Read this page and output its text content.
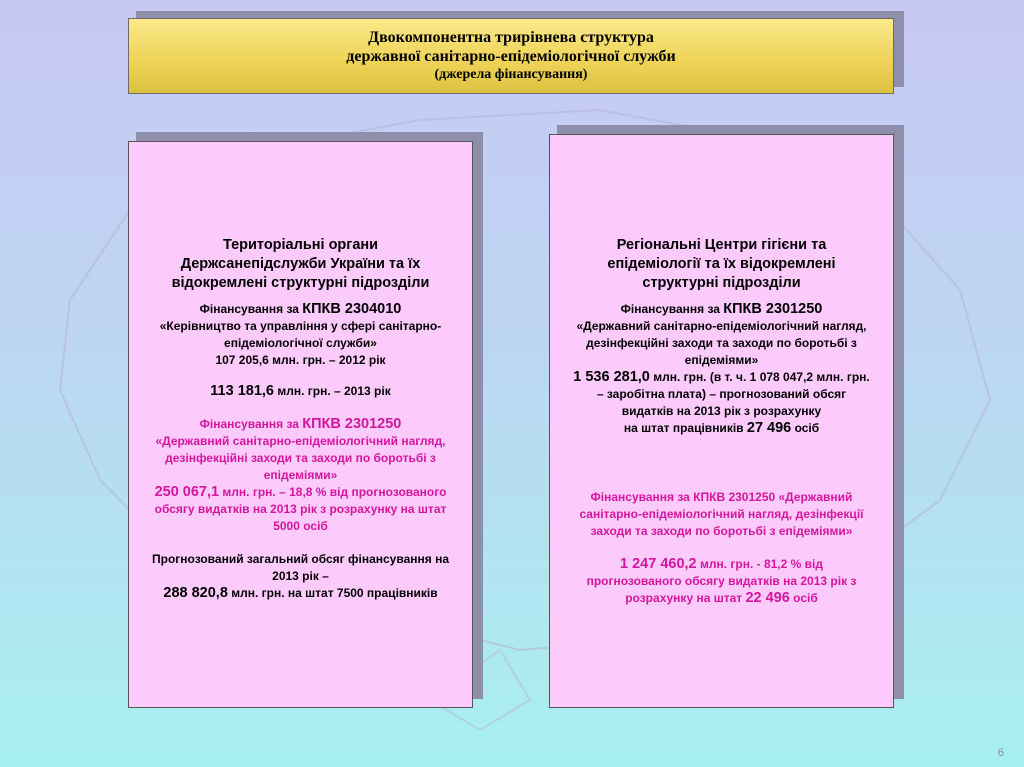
Двокомпонентна трирівнева структура
державної санітарно-епідеміологічної служби
(джерела фінансування)
Територіальні органи
Держсанепідслужби України та їх
відокремлені структурні підрозділи
Фінансування за КПКВ 2304010
«Керівництво та управління у сфері санітарно-
епідеміологічної служби»
107 205,6 млн. грн. – 2012 рік
113 181,6 млн. грн. – 2013 рік
Фінансування за КПКВ 2301250
«Державний санітарно-епідеміологічний нагляд,
дезінфекційні заходи та заходи по боротьбі з
епідеміями»
250 067,1 млн. грн. – 18,8 % від прогнозованого
обсягу видатків на 2013 рік з розрахунку на штат
5000 осіб
Прогнозований загальний обсяг фінансування на
2013 рік –
288 820,8 млн. грн. на штат 7500 працівників
Регіональні Центри гігієни та
епідеміології та їх відокремлені
структурні підрозділи
Фінансування за КПКВ 2301250
«Державний санітарно-епідеміологічний нагляд,
дезінфекційні заходи та заходи по боротьбі з
епідеміями»
1 536 281,0 млн. грн. (в т. ч. 1 078 047,2 млн. грн.
– заробітна плата) – прогнозований обсяг
видатків на 2013 рік з розрахунку
на штат працівників 27 496 осіб
Фінансування за КПКВ 2301250 «Державний
санітарно-епідеміологічний нагляд, дезінфекції
заходи та заходи по боротьбі з епідеміями»
1 247 460,2 млн. грн. - 81,2 % від
прогнозованого обсягу видатків на 2013 рік з
розрахунку на штат 22 496 осіб
6
